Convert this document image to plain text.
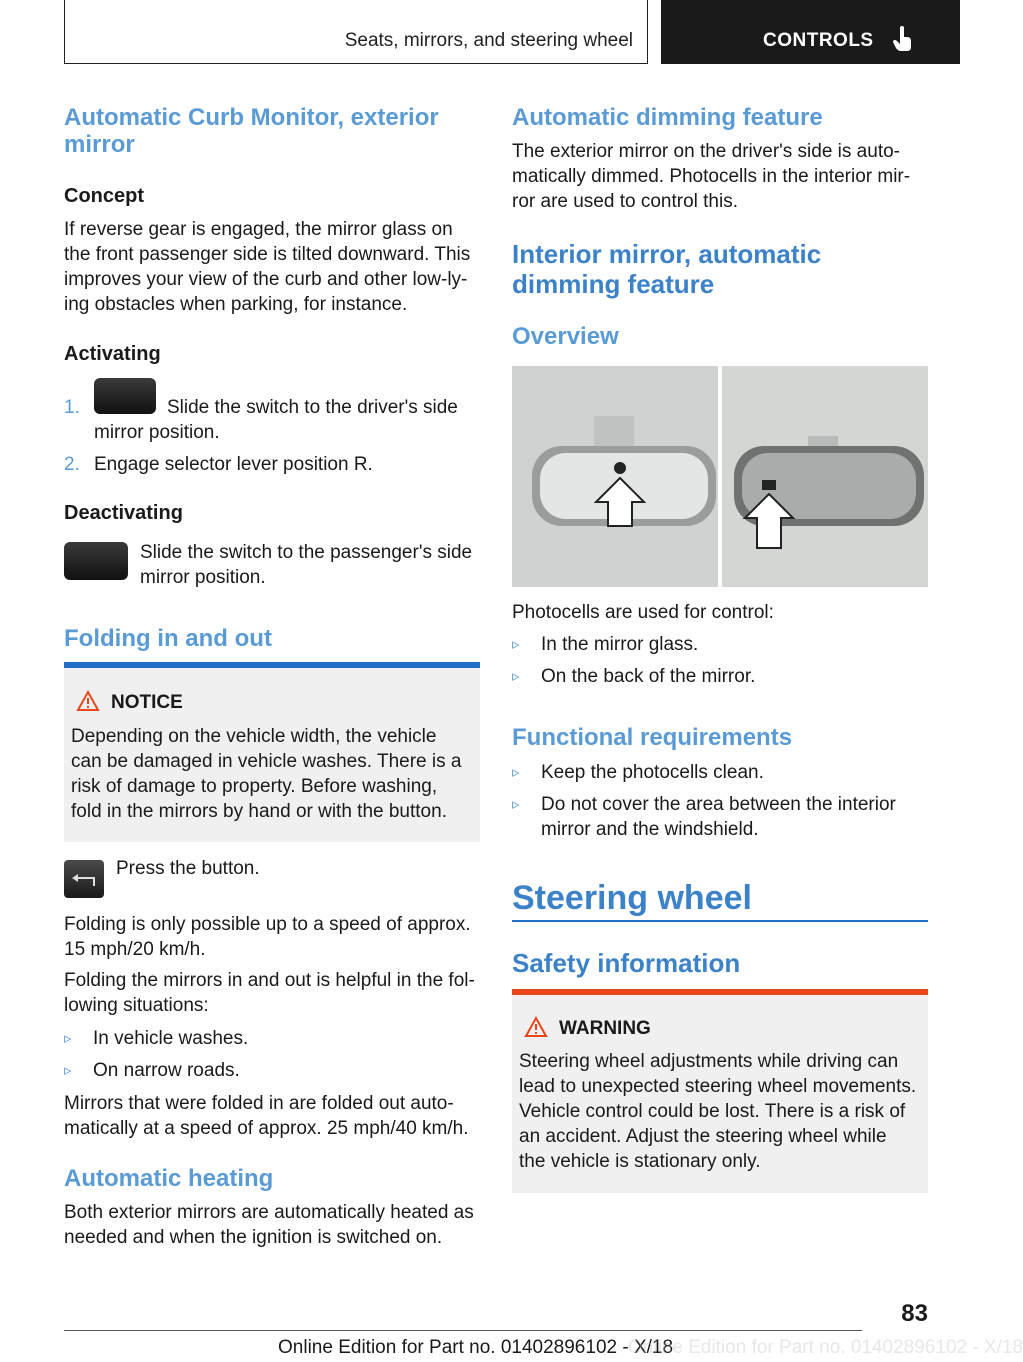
Seats, mirrors, and steering wheel	CONTROLS
Automatic Curb Monitor, exterior
mirror
Concept
If reverse gear is engaged, the mirror glass on
the front passenger side is tilted downward. This
improves your view of the curb and other low-ly‐
ing obstacles when parking, for instance.
Activating
1.	Slide the switch to the driver's side
mirror position.
2. Engage selector lever position R.
Deactivating
Slide the switch to the passenger's side
mirror position.
Folding in and out
NOTICE
Depending on the vehicle width, the vehicle
can be damaged in vehicle washes. There is a
risk of damage to property. Before washing,
fold in the mirrors by hand or with the button.
Press the button.
Folding is only possible up to a speed of approx.
15 mph/20 km/h.
Folding the mirrors in and out is helpful in the fol‐
lowing situations:
▹ In vehicle washes.
▹ On narrow roads.
Mirrors that were folded in are folded out auto‐
matically at a speed of approx. 25 mph/40 km/h.
Automatic heating
Both exterior mirrors are automatically heated as
needed and when the ignition is switched on.
Automatic dimming feature
The exterior mirror on the driver's side is auto‐
matically dimmed. Photocells in the interior mir‐
ror are used to control this.
Interior mirror, automatic
dimming feature
Overview
Photocells are used for control:
▹ In the mirror glass.
▹ On the back of the mirror.
Functional requirements
▹ Keep the photocells clean.
▹ Do not cover the area between the interior
mirror and the windshield.
Steering wheel
Safety information
WARNING
Steering wheel adjustments while driving can
lead to unexpected steering wheel movements.
Vehicle control could be lost. There is a risk of
an accident. Adjust the steering wheel while
the vehicle is stationary only.
83
Online Edition for Part no. 01402896102 - X/18
Online Edition for Part no. 01402896102 - X/18
